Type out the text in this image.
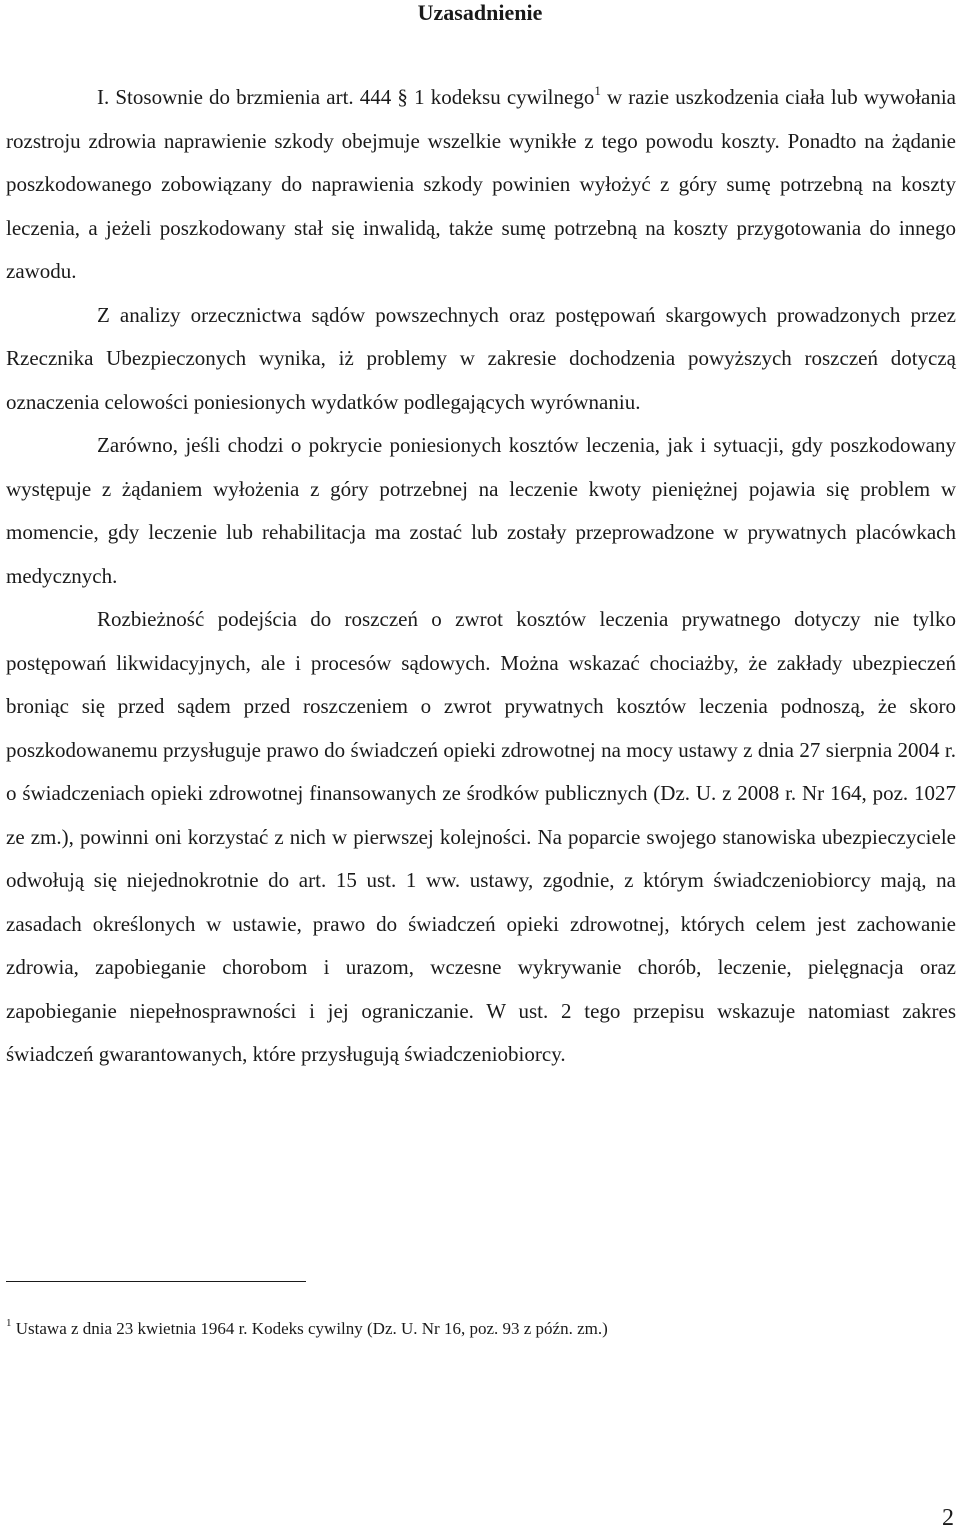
Uzasadnienie

I. Stosownie do brzmienia art. 444 § 1 kodeksu cywilnego$^1$ w razie uszkodzenia ciała lub wywołania rozstroju zdrowia naprawienie szkody obejmuje wszelkie wynikłe z tego powodu koszty. Ponadto na żądanie poszkodowanego zobowiązany do naprawienia szkody powinien wyłożyć z góry sumę potrzebną na koszty leczenia, a jeżeli poszkodowany stał się inwalidą, także sumę potrzebną na koszty przygotowania do innego zawodu.

Z analizy orzecznictwa sądów powszechnych oraz postępowań skargowych prowadzonych przez Rzecznika Ubezpieczonych wynika, iż problemy w zakresie dochodzenia powyższych roszczeń dotyczą oznaczenia celowości poniesionych wydatków podlegających wyrównaniu.

Zarówno, jeśli chodzi o pokrycie poniesionych kosztów leczenia, jak i sytuacji, gdy poszkodowany występuje z żądaniem wyłożenia z góry potrzebnej na leczenie kwoty pieniężnej pojawia się problem w momencie, gdy leczenie lub rehabilitacja ma zostać lub zostały przeprowadzone w prywatnych placówkach medycznych.

Rozbieżność podejścia do roszczeń o zwrot kosztów leczenia prywatnego dotyczy nie tylko postępowań likwidacyjnych, ale i procesów sądowych. Można wskazać chociażby, że zakłady ubezpieczeń broniąc się przed sądem przed roszczeniem o zwrot prywatnych kosztów leczenia podnoszą, że skoro poszkodowanemu przysługuje prawo do świadczeń opieki zdrowotnej na mocy ustawy z dnia 27 sierpnia 2004 r. o świadczeniach opieki zdrowotnej finansowanych ze środków publicznych (Dz. U. z 2008 r. Nr 164, poz. 1027 ze zm.), powinni oni korzystać z nich w pierwszej kolejności. Na poparcie swojego stanowiska ubezpieczyciele odwołują się niejednokrotnie do art. 15 ust. 1 ww. ustawy, zgodnie, z którym świadczeniobiorcy mają, na zasadach określonych w ustawie, prawo do świadczeń opieki zdrowotnej, których celem jest zachowanie zdrowia, zapobieganie chorobom i urazom, wczesne wykrywanie chorób, leczenie, pielęgnacja oraz zapobieganie niepełnosprawności i jej ograniczanie. W ust. 2 tego przepisu wskazuje natomiast zakres świadczeń gwarantowanych, które przysługują świadczeniobiorcy.

$^1$ Ustawa z dnia 23 kwietnia 1964 r. Kodeks cywilny (Dz. U. Nr 16, poz. 93 z późn. zm.)
2
